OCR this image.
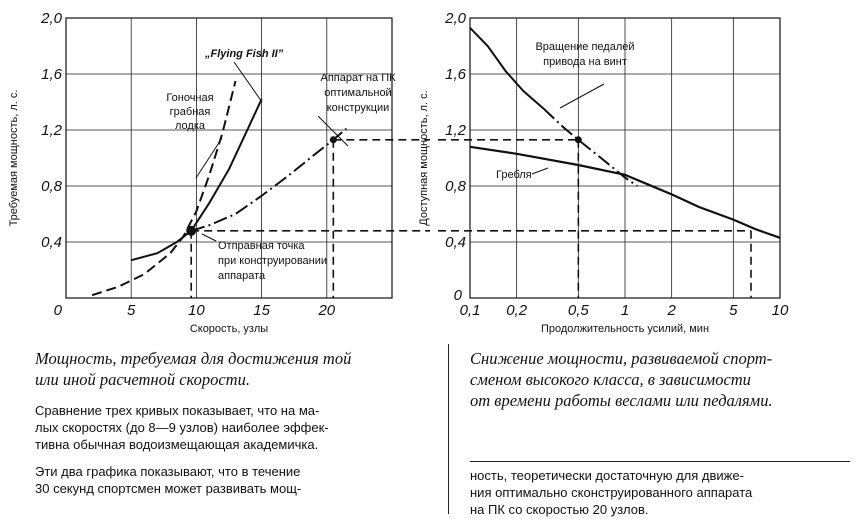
5	10	15	20
0
0,4
0,8
1,2
1,6
2,0
Скорость, узлы
Требуемая мощность, л. с.
„Flying Fish II”
Гоночная
грабная
лодка
Аппарат на ПК
оптимальной
конструкции
Отправная точка
при конструировании
аппарата
0,1 0,2	0,5 1	2	5 10
0
0,4
0,8
1,2
1,6
2,0
Продолжительность усилий, мин
Доступная мощность, л. с.
Вращение педалей
привода на винт
Гребля
Мощность, требуемая для достижения той
или иной расчетной скорости.
Снижение мощности, развиваемой спорт-
сменом высокого класса, в зависимости
от времени работы веслами или педалями.
Сравнение трех кривых показывает, что на ма-
лых скоростях (до 8—9 узлов) наиболее эффек-
тивна обычная водоизмещающая академичка.
Эти два графика показывают, что в течение
30 секунд спортсмен может развивать мощ-
ность, теоретически достаточную для движе-
ния оптимально сконструированного аппарата
на ПК со скоростью 20 узлов.
